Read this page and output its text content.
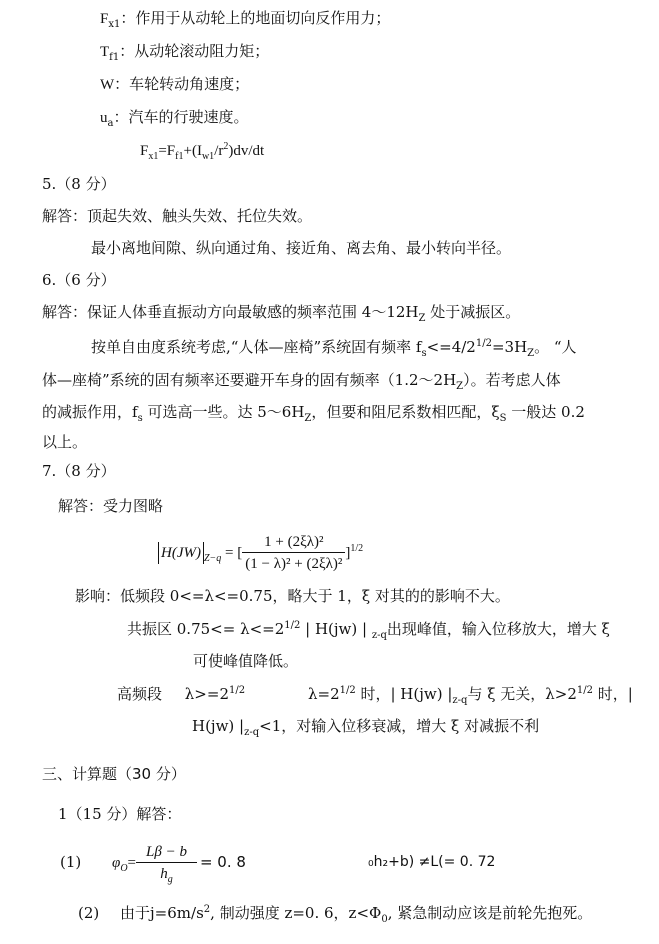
$F_{x1}$：作用于从动轮上的地面切向反作用力；
$T_{f1}$：从动轮滚动阻力矩；
W：车轮转动角速度；
$u_a$：汽车的行驶速度。
$F_{x1}=F_{f1}+(I_{w1}/r^2)dv/dt$
5.（8 分）
解答：顶起失效、触头失效、托位失效。
最小离地间隙、纵向通过角、接近角、离去角、最小转向半径。
6.（6 分）
解答：保证人体垂直振动方向最敏感的频率范围 $4\sim 12H_Z$ 处于减振区。
按单自由度系统考虑,“人体—座椅”系统固有频率 $f_s<=4/2^{1/2}=3H_Z$。 “人
体—座椅”系统的固有频率还要避开车身的固有频率$(1.2\sim 2H_Z)$。若考虑人体
的减振作用，$f_s$ 可选高一些。达 $5\sim 6H_Z$，但要和阻尼系数相匹配，$\xi_S$ 一般达 0.2
以上。
7.（8 分）
解答：受力图略
H(JW) $_{Z-q}$ = [ $\frac{\text{1 + (2ξλ)²}}{\text{(1 − λ)² + (2ξλ)²}} ]^{1/2}$
影响：低频段 0<=λ<=0.75，略大于 1，ξ 对其的的影响不大。
共振区 $0.75<= \lambda<=2^{1/2}$ | H(jw) | $_{z-q}$出现峰值，输入位移放大，增大 ξ
可使峰值降低。
高频段 $\lambda>=2^{1/2}$	$\lambda=2^{1/2}$ 时，| H(jw) $|_{z-q}$与 ξ 无关，$\lambda>2^{1/2}$ 时，|
H(jw) $|_{z-q}<1$，对输入位移衰减，增大 ξ 对减振不利
三、计算题（30 分）
1（15 分）解答：
(1) $\varphi_O= \frac{L\beta - b}{h_g} = 0$. 8	₀h₂+b) ≠L(= 0. 72
(2) 由于$j=6m/s^2$, 制动强度 z=0. 6，$z<\Phi_0$, 紧急制动应该是前轮先抱死。
